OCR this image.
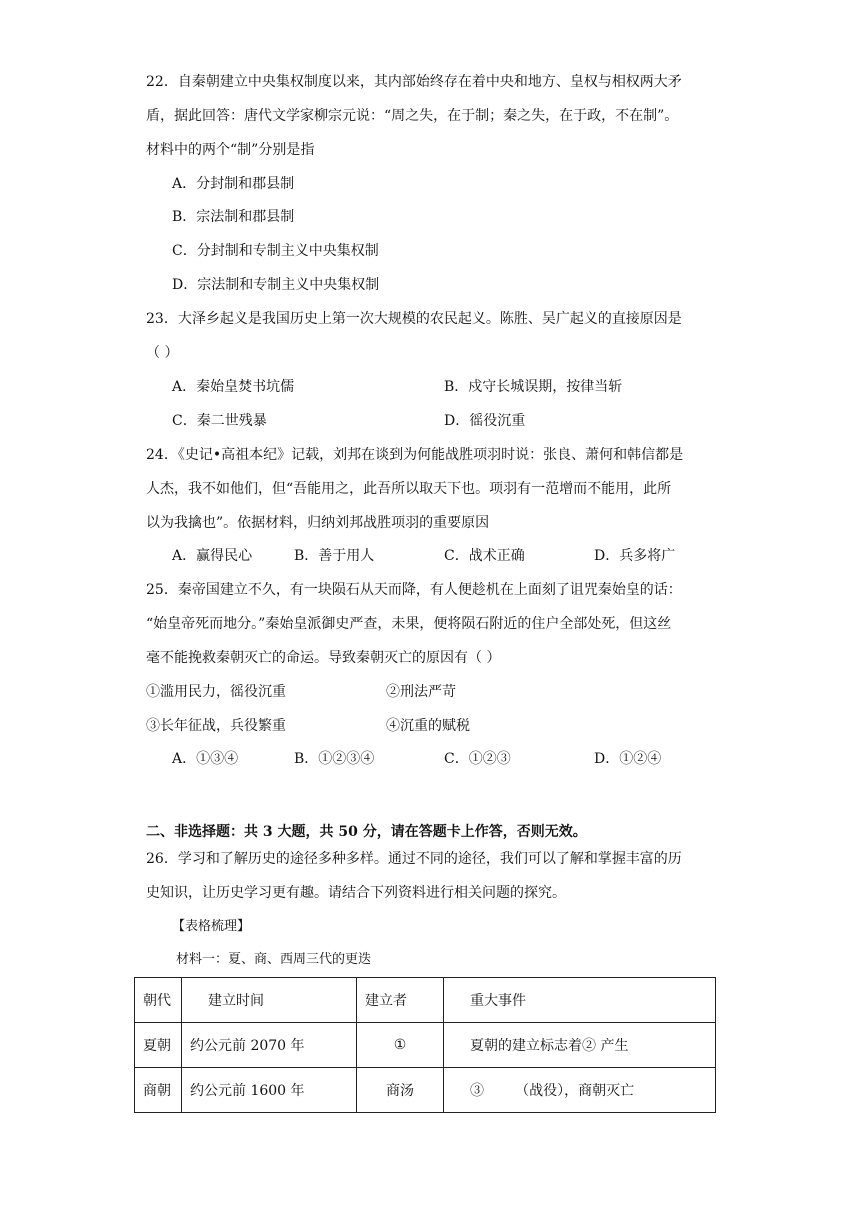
22．自秦朝建立中央集权制度以来，其内部始终存在着中央和地方、皇权与相权两大矛
盾，据此回答：唐代文学家柳宗元说：“周之失，在于制；秦之失，在于政，不在制”。
材料中的两个“制”分别是指
A．分封制和郡县制
B．宗法制和郡县制
C．分封制和专制主义中央集权制
D．宗法制和专制主义中央集权制
23．大泽乡起义是我国历史上第一次大规模的农民起义。陈胜、吴广起义的直接原因是
（ ）
A．秦始皇焚书坑儒	B．戍守长城误期，按律当斩
C．秦二世残暴	D．徭役沉重
24．《史记•高祖本纪》记载，刘邦在谈到为何能战胜项羽时说：张良、萧何和韩信都是
人杰，我不如他们，但“吾能用之，此吾所以取天下也。项羽有一范增而不能用，此所
以为我擒也”。依据材料，归纳刘邦战胜项羽的重要原因
A．赢得民心	B．善于用人	C．战术正确	D．兵多将广
25．秦帝国建立不久，有一块陨石从天而降，有人便趁机在上面刻了诅咒秦始皇的话：
“始皇帝死而地分。”秦始皇派御史严查，未果，便将陨石附近的住户全部处死，但这丝
毫不能挽救秦朝灭亡的命运。导致秦朝灭亡的原因有（ ）
①滥用民力，徭役沉重	②刑法严苛
③长年征战，兵役繁重	④沉重的赋税
A．①③④	B．①②③④	C．①②③	D．①②④
二、非选择题：共 3 大题，共 50 分，请在答题卡上作答，否则无效。
26．学习和了解历史的途径多种多样。通过不同的途径，我们可以了解和掌握丰富的历
史知识，让历史学习更有趣。请结合下列资料进行相关问题的探究。
【表格梳理】
材料一：夏、商、西周三代的更迭
朝代	建立时间	建立者	重大事件
夏朝	约公元前 2070 年	①	夏朝的建立标志着② 产生
商朝	约公元前 1600 年	商汤	③       （战役），商朝灭亡
